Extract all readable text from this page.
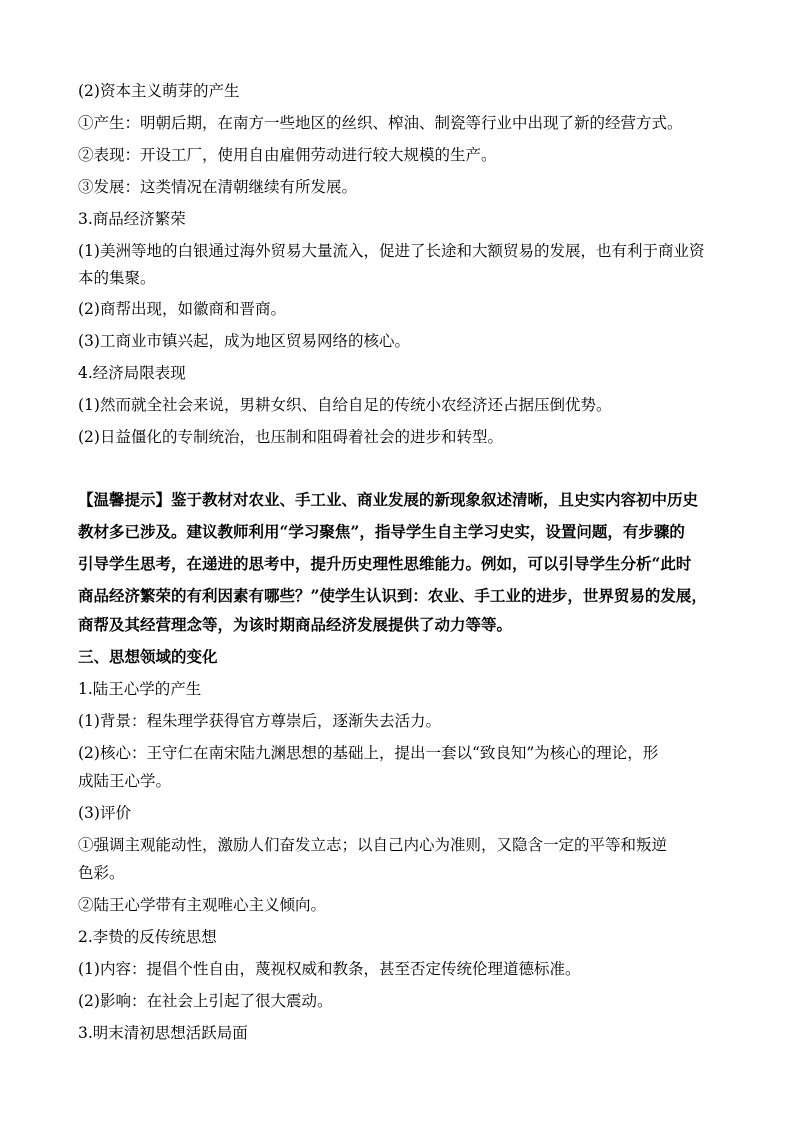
(2)资本主义萌芽的产生
①产生：明朝后期，在南方一些地区的丝织、榨油、制瓷等行业中出现了新的经营方式。
②表现：开设工厂，使用自由雇佣劳动进行较大规模的生产。
③发展：这类情况在清朝继续有所发展。
3.商品经济繁荣
(1)美洲等地的白银通过海外贸易大量流入，促进了长途和大额贸易的发展，也有利于商业资
本的集聚。
(2)商帮出现，如徽商和晋商。
(3)工商业市镇兴起，成为地区贸易网络的核心。
4.经济局限表现
(1)然而就全社会来说，男耕女织、自给自足的传统小农经济还占据压倒优势。
(2)日益僵化的专制统治，也压制和阻碍着社会的进步和转型。
【温馨提示】鉴于教材对农业、手工业、商业发展的新现象叙述清晰，且史实内容初中历史
教材多已涉及。建议教师利用“学习聚焦”，指导学生自主学习史实，设置问题，有步骤的
引导学生思考，在递进的思考中，提升历史理性思维能力。例如，可以引导学生分析“此时
商品经济繁荣的有利因素有哪些？”使学生认识到：农业、手工业的进步，世界贸易的发展，
商帮及其经营理念等，为该时期商品经济发展提供了动力等等。
三、思想领域的变化
1.陆王心学的产生
(1)背景：程朱理学获得官方尊崇后，逐渐失去活力。
(2)核心：王守仁在南宋陆九渊思想的基础上，提出一套以“致良知”为核心的理论，形
成陆王心学。
(3)评价
①强调主观能动性，激励人们奋发立志；以自己内心为准则，又隐含一定的平等和叛逆
色彩。
②陆王心学带有主观唯心主义倾向。
2.李贽的反传统思想
(1)内容：提倡个性自由，蔑视权威和教条，甚至否定传统伦理道德标准。
(2)影响：在社会上引起了很大震动。
3.明末清初思想活跃局面
